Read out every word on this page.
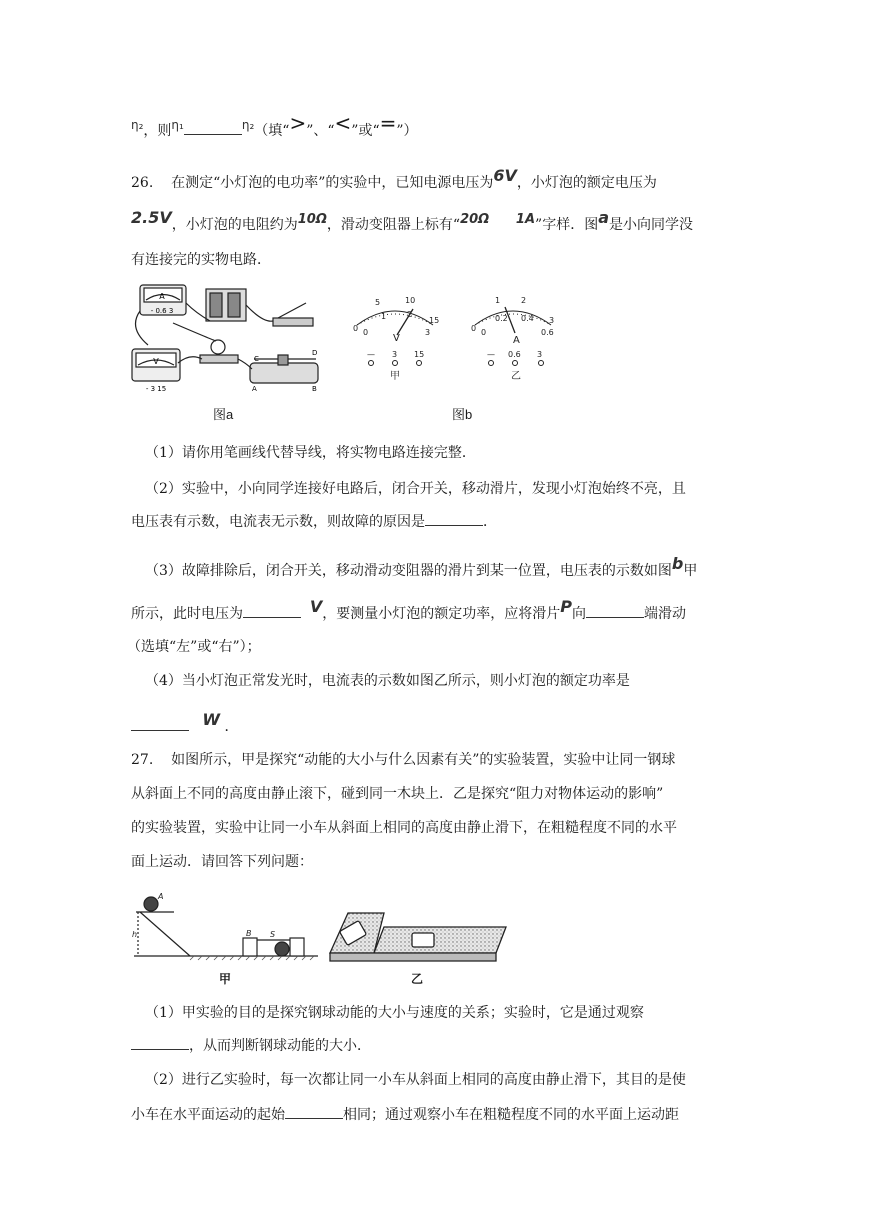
η₂，则η₁	η₂（填“>”、“<”或“=”）
26. 在测定“小灯泡的电功率”的实验中，已知电源电压为6V，小灯泡的额定电压为
2.5V，小灯泡的电阻约为10Ω，滑动变阻器上标有“20Ω 1A”字样．图a是小向同学没
有连接完的实物电路．
A
- 0.6 3
V
- 3 15
C
D
A	B
图a
0
5	10
15
0
1	2
3
V
— 3 15
甲
0
1	2
3
0
0.2 0.4
0.6
A
— 0.6 3
乙
图b
（1）请你用笔画线代替导线，将实物电路连接完整．
（2）实验中，小向同学连接好电路后，闭合开关，移动滑片，发现小灯泡始终不亮，且
电压表有示数，电流表无示数，则故障的原因是	．
（3）故障排除后，闭合开关，移动滑动变阻器的滑片到某一位置，电压表的示数如图b甲
所示，此时电压为	V，要测量小灯泡的额定功率，应将滑片P向	端滑动
（选填“左”或“右”）；
（4）当小灯泡正常发光时，电流表的示数如图乙所示，则小灯泡的额定功率是
W ．
27. 如图所示，甲是探究“动能的大小与什么因素有关”的实验装置，实验中让同一钢球
从斜面上不同的高度由静止滚下，碰到同一木块上．乙是探究“阻力对物体运动的影响”
的实验装置，实验中让同一小车从斜面上相同的高度由静止滑下，在粗糙程度不同的水平
面上运动．请回答下列问题：
A
h	B S
甲	乙
（1）甲实验的目的是探究钢球动能的大小与速度的关系；实验时，它是通过观察
，从而判断钢球动能的大小．
（2）进行乙实验时，每一次都让同一小车从斜面上相同的高度由静止滑下，其目的是使
小车在水平面运动的起始	相同；通过观察小车在粗糙程度不同的水平面上运动距
